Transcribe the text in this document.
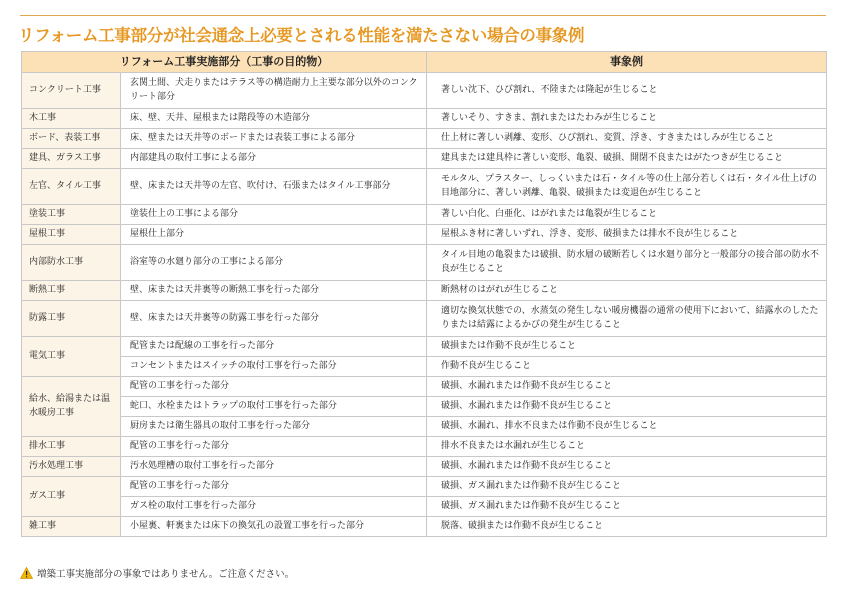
リフォーム工事部分が社会通念上必要とされる性能を満たさない場合の事象例
リフォーム工事実施部分（工事の目的物）		事象例
コンクリート工事	玄関土間、犬走りまたはテラス等の構造耐力上主要な部分以外のコンクリート部分	著しい沈下、ひび割れ、不陸または隆起が生じること
木工事	床、壁、天井、屋根または階段等の木造部分	著しいそり、すきま、割れまたはたわみが生じること
ボード、表装工事	床、壁または天井等のボードまたは表装工事による部分	仕上材に著しい剥離、変形、ひび割れ、変質、浮き、すきまたはしみが生じること
建具、ガラス工事	内部建具の取付工事による部分	建具または建具枠に著しい変形、亀裂、破損、開閉不良またはがたつきが生じること
左官、タイル工事	壁、床または天井等の左官、吹付け、石張またはタイル工事部分	モルタル、プラスター、しっくいまたは石・タイル等の仕上部分若しくは石・タイル仕上げの目地部分に、著しい剥離、亀裂、破損または変退色が生じること
塗装工事	塗装仕上の工事による部分	著しい白化、白亜化、はがれまたは亀裂が生じること
屋根工事	屋根仕上部分	屋根ふき材に著しいずれ、浮き、変形、破損または排水不良が生じること
内部防水工事	浴室等の水廻り部分の工事による部分	タイル目地の亀裂または破損、防水層の破断若しくは水廻り部分と一般部分の接合部の防水不良が生じること
断熱工事	壁、床または天井裏等の断熱工事を行った部分	断熱材のはがれが生じること
防露工事	壁、床または天井裏等の防露工事を行った部分	適切な換気状態での、水蒸気の発生しない暖房機器の通常の使用下において、結露水のしたたりまたは結露によるかびの発生が生じること
電気工事	配管または配線の工事を行った部分	破損または作動不良が生じること
	コンセントまたはスイッチの取付工事を行った部分	作動不良が生じること
給水、給湯または温水暖房工事	配管の工事を行った部分	破損、水漏れまたは作動不良が生じること
	蛇口、水栓またはトラップの取付工事を行った部分	破損、水漏れまたは作動不良が生じること
	厨房または衛生器具の取付工事を行った部分	破損、水漏れ、排水不良または作動不良が生じること
排水工事	配管の工事を行った部分	排水不良または水漏れが生じること
汚水処理工事	汚水処理槽の取付工事を行った部分	破損、水漏れまたは作動不良が生じること
ガス工事	配管の工事を行った部分	破損、ガス漏れまたは作動不良が生じること
	ガス栓の取付工事を行った部分	破損、ガス漏れまたは作動不良が生じること
雑工事	小屋裏、軒裏または床下の換気孔の設置工事を行った部分	脱落、破損または作動不良が生じること
増築工事実施部分の事象ではありません。ご注意ください。
